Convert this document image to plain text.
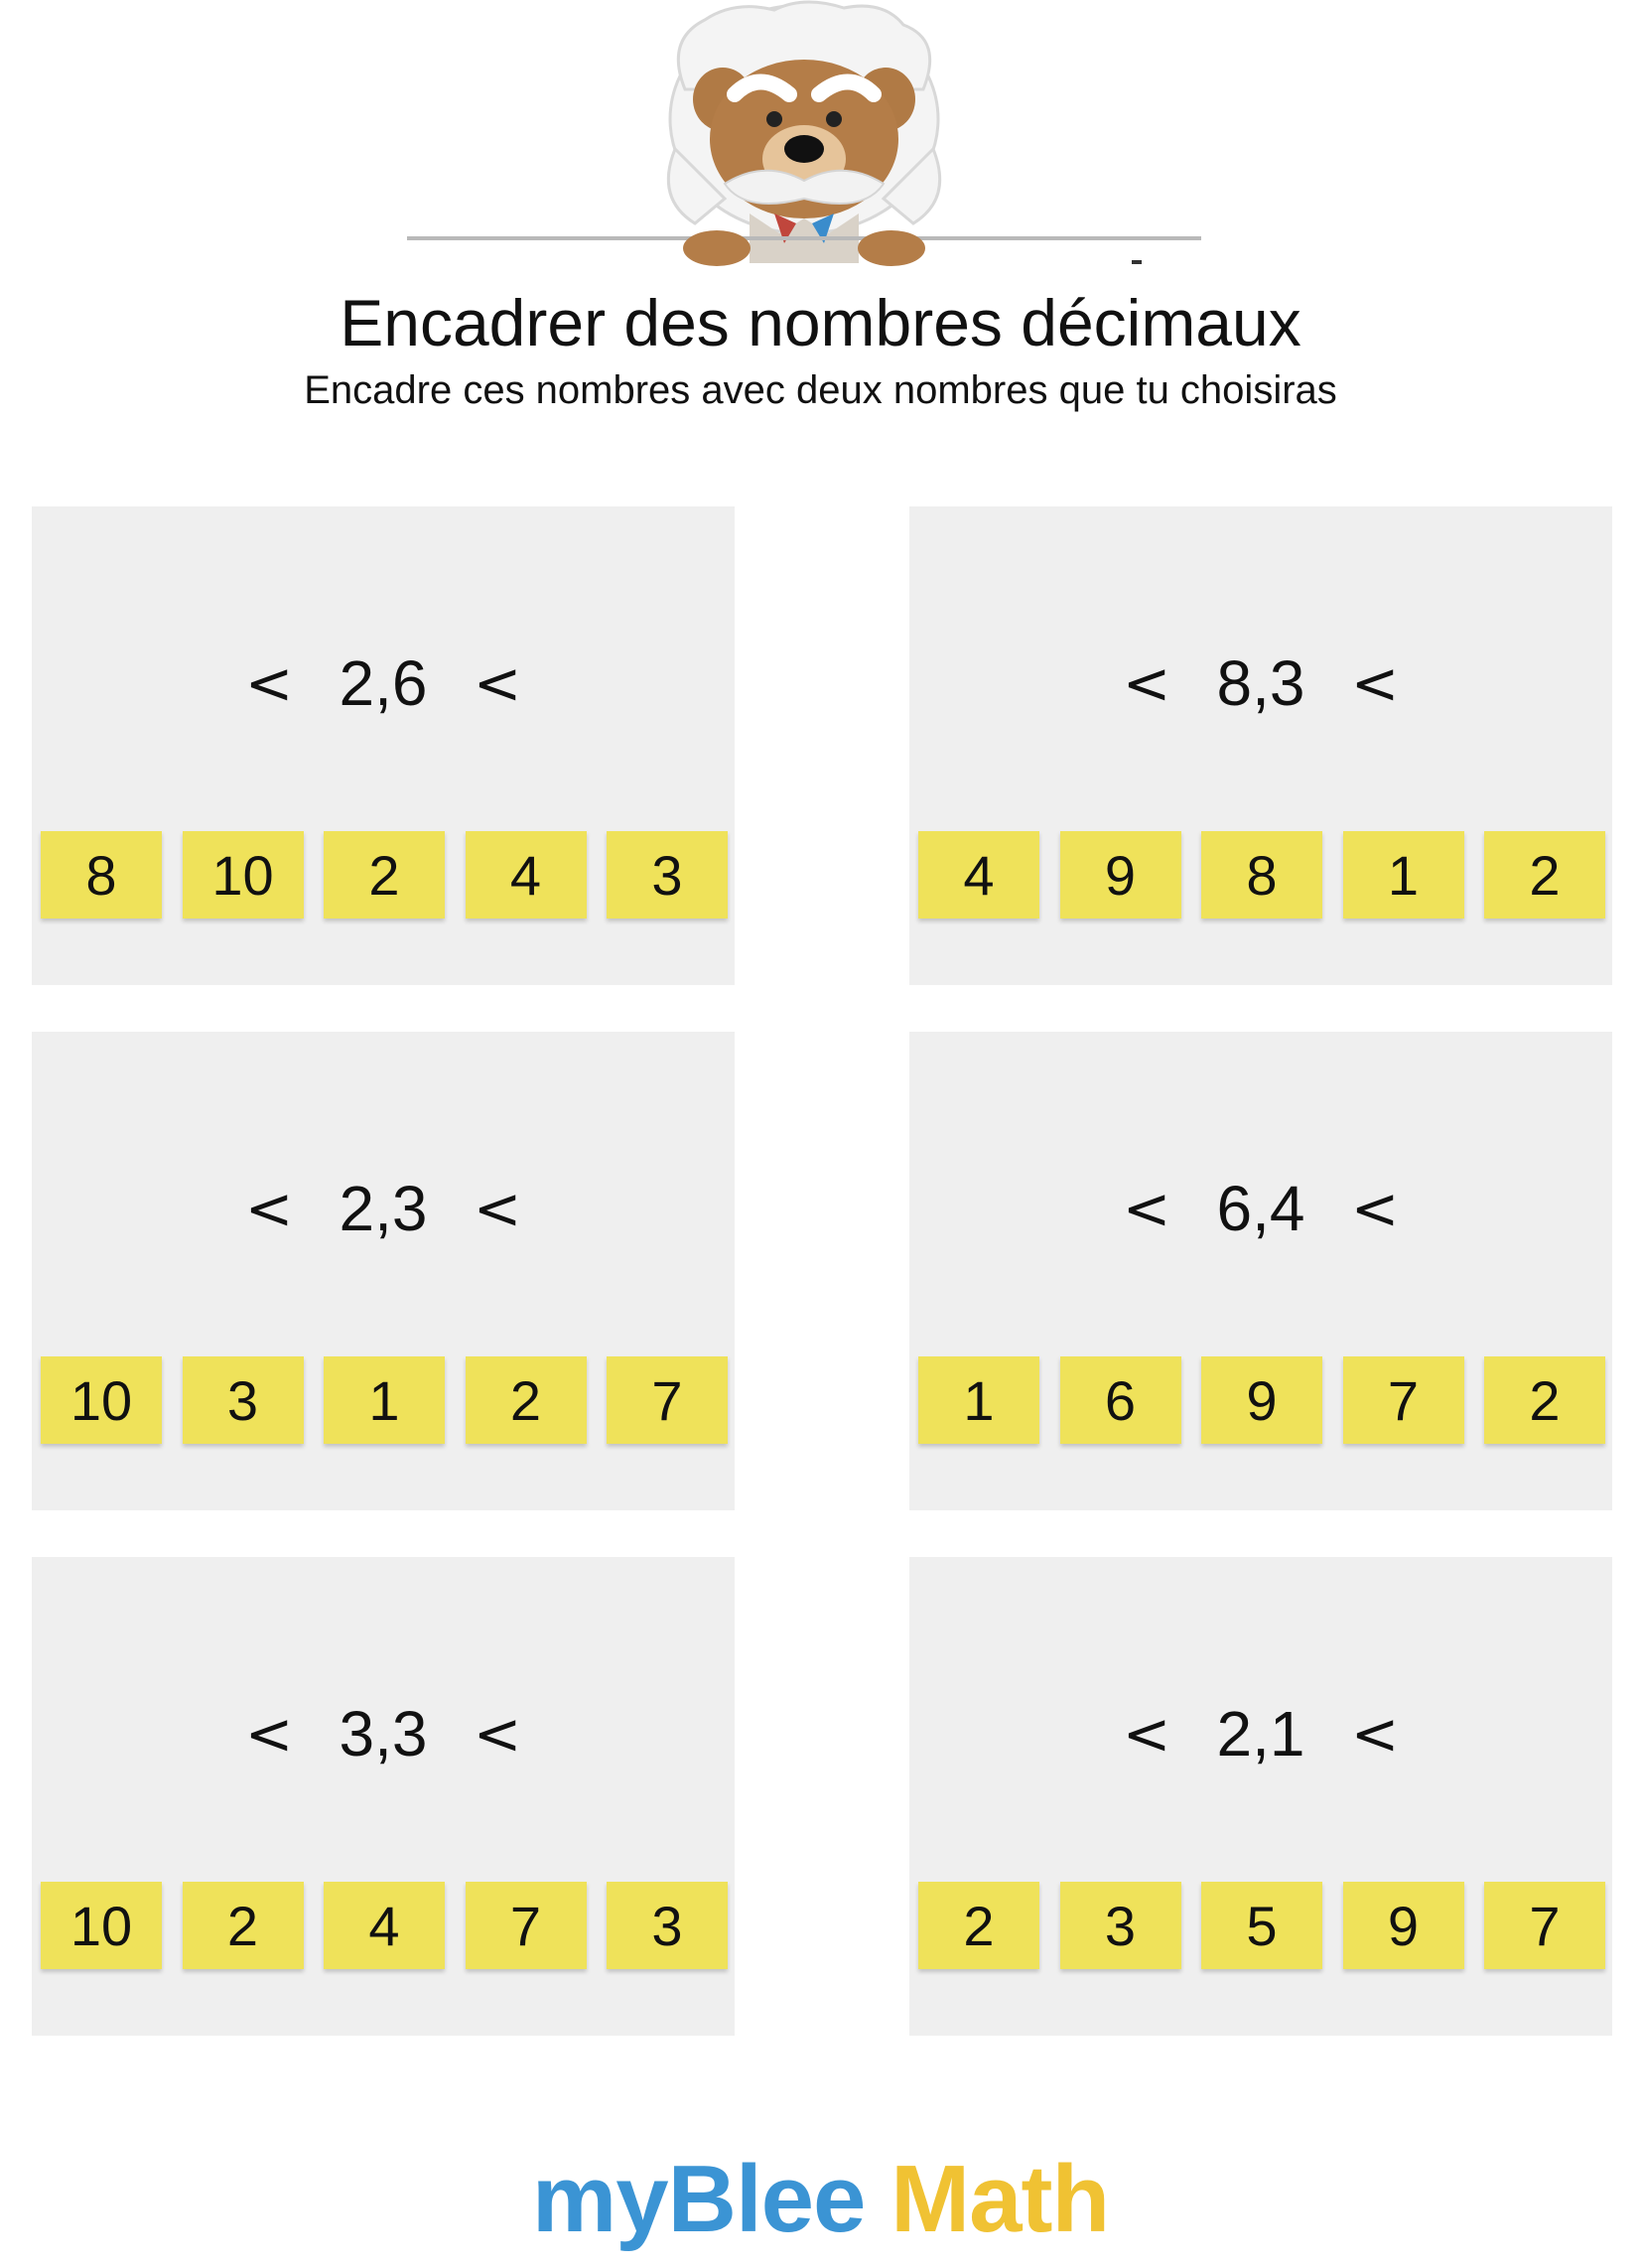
Encadrer des nombres décimaux
Encadre ces nombres avec deux nombres que tu choisiras
< 2,6 <
8	10	2	4	3
< 8,3 <
4	9	8	1	2
< 2,3 <
10	3	1	2	7
< 6,4 <
1	6	9	7	2
< 3,3 <
10	2	4	7	3
< 2,1 <
2	3	5	9	7
myBlee Math
